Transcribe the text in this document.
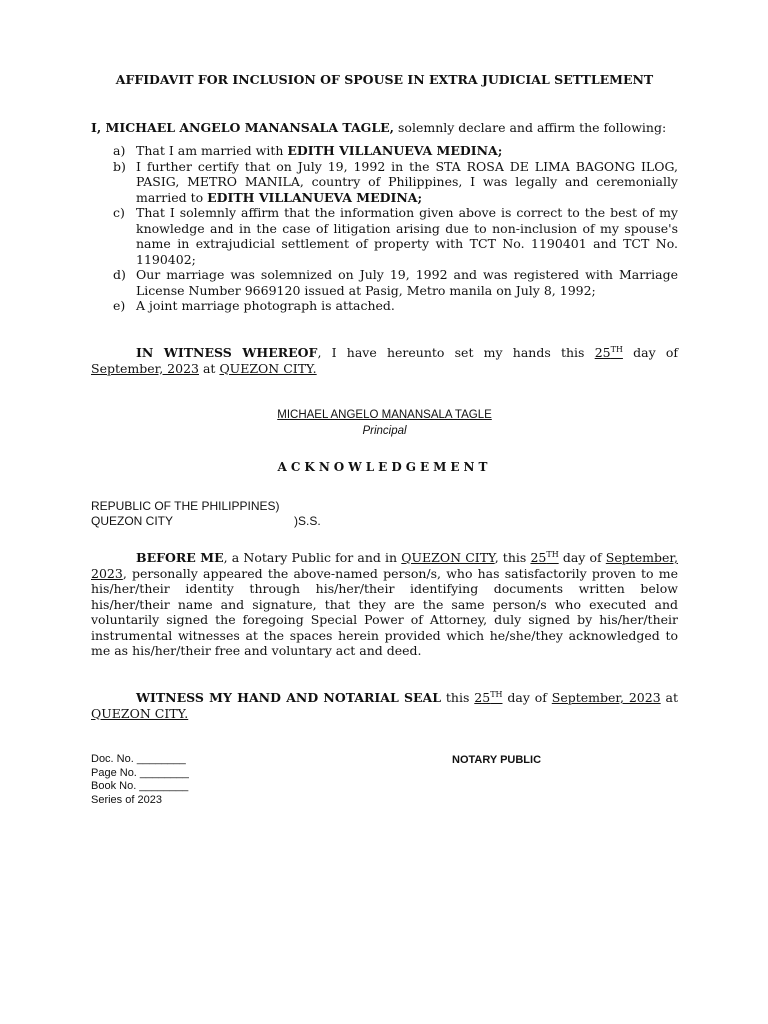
AFFIDAVIT FOR INCLUSION OF SPOUSE IN EXTRA JUDICIAL SETTLEMENT
I, MICHAEL ANGELO MANANSALA TAGLE, solemnly declare and affirm the following:
a) That I am married with EDITH VILLANUEVA MEDINA;
b) I further certify that on July 19, 1992 in the STA ROSA DE LIMA BAGONG ILOG, PASIG, METRO MANILA, country of Philippines, I was legally and ceremonially married to EDITH VILLANUEVA MEDINA;
c) That I solemnly affirm that the information given above is correct to the best of my knowledge and in the case of litigation arising due to non-inclusion of my spouse's name in extrajudicial settlement of property with TCT No. 1190401 and TCT No. 1190402;
d) Our marriage was solemnized on July 19, 1992 and was registered with Marriage License Number 9669120 issued at Pasig, Metro manila on July 8, 1992;
e) A joint marriage photograph is attached.
IN WITNESS WHEREOF, I have hereunto set my hands this 25TH day of September, 2023 at QUEZON CITY.
MICHAEL ANGELO MANANSALA TAGLE
Principal
ACKNOWLEDGEMENT
REPUBLIC OF THE PHILIPPINES)
QUEZON CITY	)S.S.
BEFORE ME, a Notary Public for and in QUEZON CITY, this 25TH day of September, 2023, personally appeared the above-named person/s, who has satisfactorily proven to me his/her/their identity through his/her/their identifying documents written below his/her/their name and signature, that they are the same person/s who executed and voluntarily signed the foregoing Special Power of Attorney, duly signed by his/her/their instrumental witnesses at the spaces herein provided which he/she/they acknowledged to me as his/her/their free and voluntary act and deed.
WITNESS MY HAND AND NOTARIAL SEAL this 25TH day of September, 2023 at QUEZON CITY.
Doc. No. ________
Page No. ________
Book No. ________
Series of 2023
NOTARY PUBLIC
